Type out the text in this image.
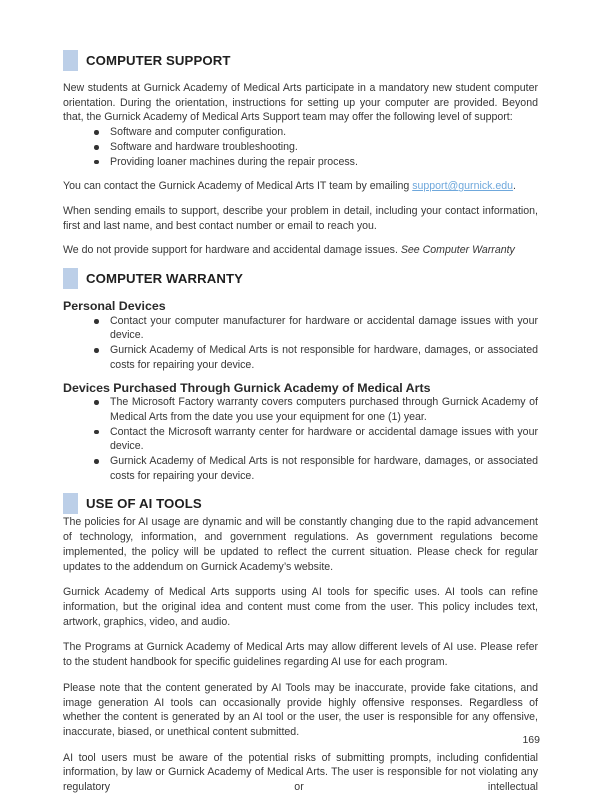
COMPUTER SUPPORT

New students at Gurnick Academy of Medical Arts participate in a mandatory new student computer orientation. During the orientation, instructions for setting up your computer are provided. Beyond that, the Gurnick Academy of Medical Arts Support team may offer the following level of support:

Software and computer configuration.
Software and hardware troubleshooting.
Providing loaner machines during the repair process.

You can contact the Gurnick Academy of Medical Arts IT team by emailing support@gurnick.edu.

When sending emails to support, describe your problem in detail, including your contact information, first and last name, and best contact number or email to reach you.

We do not provide support for hardware and accidental damage issues. See Computer Warranty

COMPUTER WARRANTY
Personal Devices
Contact your computer manufacturer for hardware or accidental damage issues with your device.
Gurnick Academy of Medical Arts is not responsible for hardware, damages, or associated costs for repairing your device.
Devices Purchased Through Gurnick Academy of Medical Arts
The Microsoft Factory warranty covers computers purchased through Gurnick Academy of Medical Arts from the date you use your equipment for one (1) year.
Contact the Microsoft warranty center for hardware or accidental damage issues with your device.
Gurnick Academy of Medical Arts is not responsible for hardware, damages, or associated costs for repairing your device.
USE OF AI TOOLS

The policies for AI usage are dynamic and will be constantly changing due to the rapid advancement of technology, information, and government regulations. As government regulations become implemented, the policy will be updated to reflect the current situation. Please check for regular updates to the addendum on Gurnick Academy’s website.

Gurnick Academy of Medical Arts supports using AI tools for specific uses. AI tools can refine information, but the original idea and content must come from the user. This policy includes text, artwork, graphics, video, and audio.

The Programs at Gurnick Academy of Medical Arts may allow different levels of AI use. Please refer to the student handbook for specific guidelines regarding AI use for each program.

Please note that the content generated by AI Tools may be inaccurate, provide fake citations, and image generation AI tools can occasionally provide highly offensive responses. Regardless of whether the content is generated by an AI tool or the user, the user is responsible for any offensive, inaccurate, biased, or unethical content submitted.

AI tool users must be aware of the potential risks of submitting prompts, including confidential information, by law or Gurnick Academy of Medical Arts. The user is responsible for not violating any regulatory or intellectual

169
